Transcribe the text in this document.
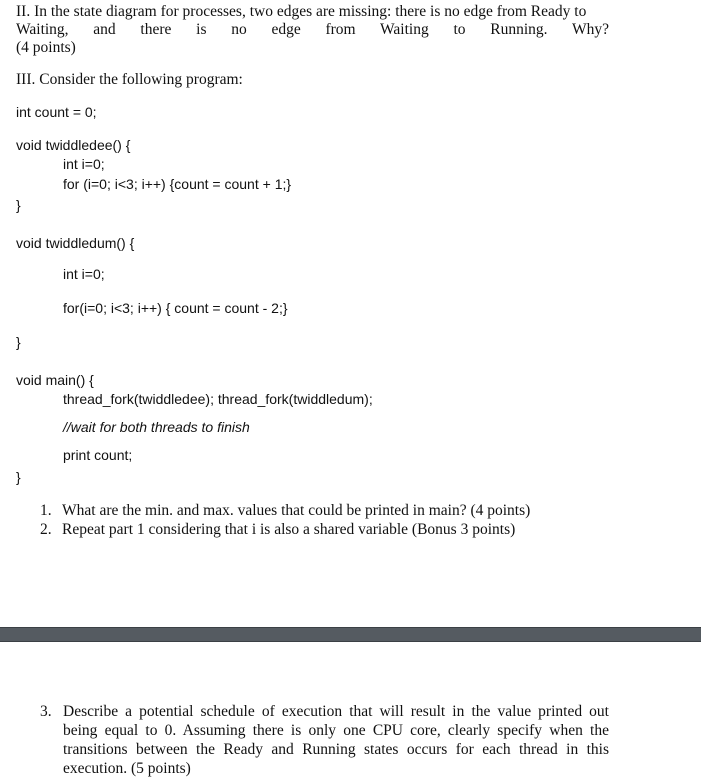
II. In the state diagram for processes, two edges are missing: there is no edge from Ready to
Waiting, and there is no edge from Waiting to Running. Why?
(4 points)
III. Consider the following program:
int count = 0;
void twiddledee() {
int i=0;
for (i=0; i<3; i++) {count = count + 1;}
}
void twiddledum() {
int i=0;
for(i=0; i<3; i++) { count = count - 2;}
}
void main() {
thread_fork(twiddledee); thread_fork(twiddledum);
//wait for both threads to finish
print count;
}
1. What are the min. and max. values that could be printed in main? (4 points)
2. Repeat part 1 considering that i is also a shared variable (Bonus 3 points)
3. Describe a potential schedule of execution that will result in the value printed out
being equal to 0. Assuming there is only one CPU core, clearly specify when the
transitions between the Ready and Running states occurs for each thread in this
execution. (5 points)
